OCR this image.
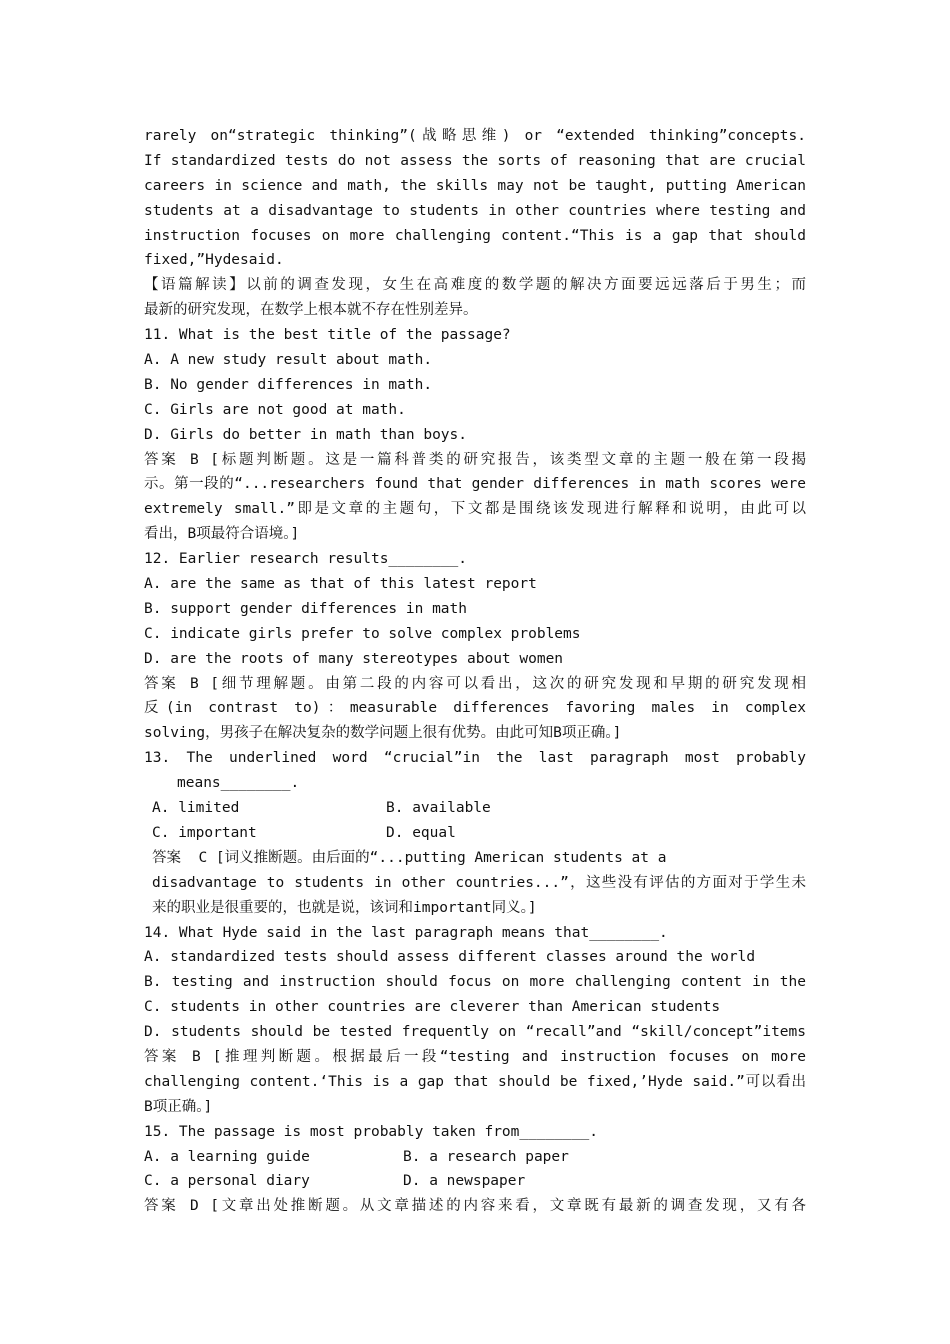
rarely on“strategic thinking”(战略思维) or “extended thinking”concepts.
If standardized tests do not assess the sorts of reasoning that are crucial
careers in science and math, the skills may not be taught, putting American
students at a disadvantage to students in other countries where testing and
instruction focuses on more challenging content.“This is a gap that should
fixed,”Hydesaid.
【语篇解读】以前的调查发现，女生在高难度的数学题的解决方面要远远落后于男生；而
最新的研究发现，在数学上根本就不存在性别差异。
11. What is the best title of the passage?
A. A new study result about math.
B. No gender differences in math.
C. Girls are not good at math.
D. Girls do better in math than boys.
答案 B [标题判断题。这是一篇科普类的研究报告，该类型文章的主题一般在第一段揭
示。第一段的“...researchers found that gender differences in math scores were
extremely small.”即是文章的主题句，下文都是围绕该发现进行解释和说明，由此可以
看出，B项最符合语境。]
12. Earlier research results________.
A. are the same as that of this latest report
B. support gender differences in math
C. indicate girls prefer to solve complex problems
D. are the roots of many stereotypes about women
答案 B [细节理解题。由第二段的内容可以看出，这次的研究发现和早期的研究发现相
反(in contrast to)：measurable differences favoring males in complex
solving，男孩子在解决复杂的数学问题上很有优势。由此可知B项正确。]
13. The underlined word “crucial”in the last paragraph most probably
means________.
A. limited	B. available
C. important	D. equal
答案  C [词义推断题。由后面的“...putting American students at a
disadvantage to students in other countries...”，这些没有评估的方面对于学生未
来的职业是很重要的，也就是说，该词和important同义。]
14. What Hyde said in the last paragraph means that________.
A. standardized tests should assess different classes around the world
B. testing and instruction should focus on more challenging content in the
C. students in other countries are cleverer than American students
D. students should be tested frequently on “recall”and “skill/concept”items
答案 B [推理判断题。根据最后一段“testing and instruction focuses on more
challenging content.‘This is a gap that should be fixed,’Hyde said.”可以看出
B项正确。]
15. The passage is most probably taken from________.
A. a learning guide	B. a research paper
C. a personal diary	D. a newspaper
答案 D [文章出处推断题。从文章描述的内容来看，文章既有最新的调查发现，又有各
